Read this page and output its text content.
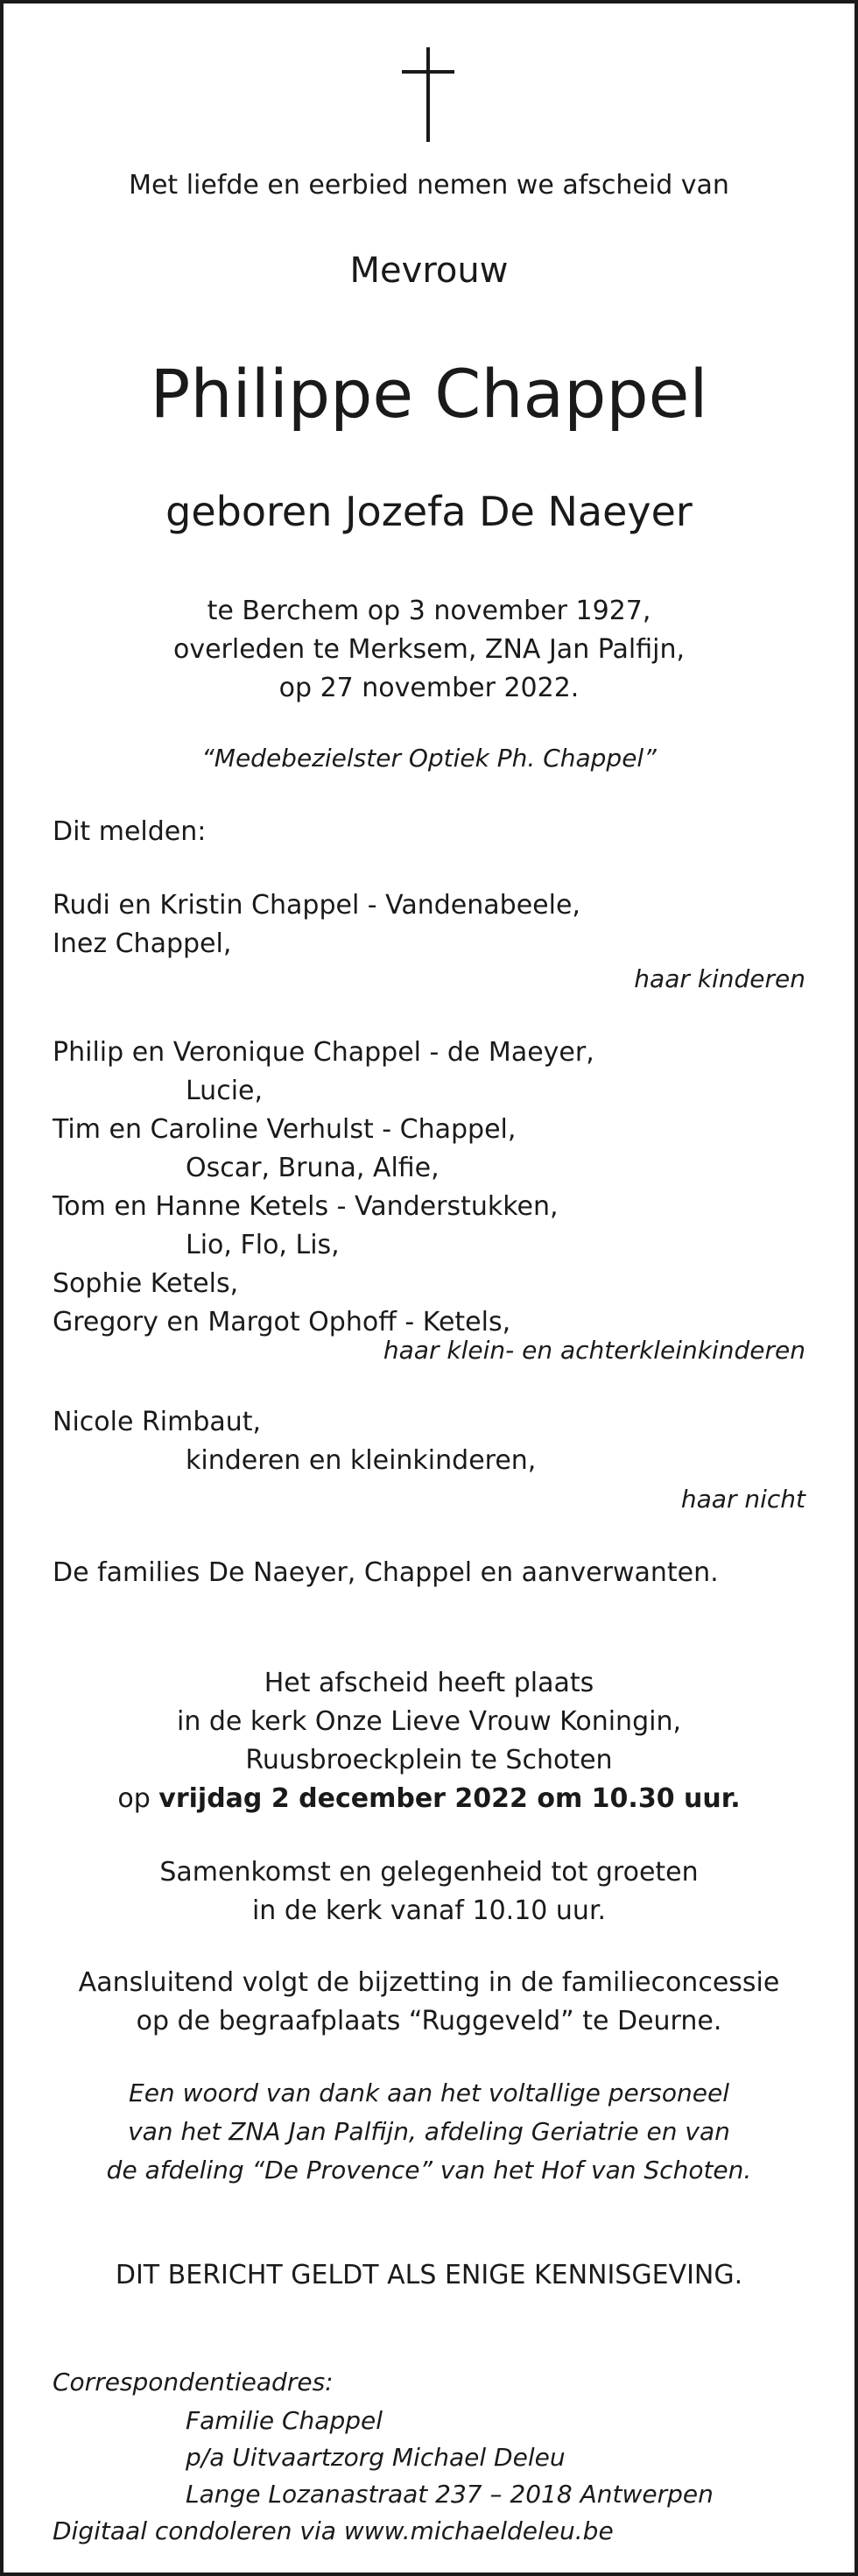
Met liefde en eerbied nemen we afscheid van
Mevrouw
Philippe Chappel
geboren Jozefa De Naeyer
te Berchem op 3 november 1927,
overleden te Merksem, ZNA Jan Palfijn,
op 27 november 2022.
“Medebezielster Optiek Ph. Chappel”
Dit melden:
Rudi en Kristin Chappel - Vandenabeele,
Inez Chappel,
haar kinderen
Philip en Veronique Chappel - de Maeyer,
Lucie,
Tim en Caroline Verhulst - Chappel,
Oscar, Bruna, Alfie,
Tom en Hanne Ketels - Vanderstukken,
Lio, Flo, Lis,
Sophie Ketels,
Gregory en Margot Ophoff - Ketels,
haar klein- en achterkleinkinderen
Nicole Rimbaut,
kinderen en kleinkinderen,
haar nicht
De families De Naeyer, Chappel en aanverwanten.
Het afscheid heeft plaats
in de kerk Onze Lieve Vrouw Koningin,
Ruusbroeckplein te Schoten
op vrijdag 2 december 2022 om 10.30 uur.
Samenkomst en gelegenheid tot groeten
in de kerk vanaf 10.10 uur.
Aansluitend volgt de bijzetting in de familieconcessie
op de begraafplaats “Ruggeveld” te Deurne.
Een woord van dank aan het voltallige personeel
van het ZNA Jan Palfijn, afdeling Geriatrie en van
de afdeling “De Provence” van het Hof van Schoten.
DIT BERICHT GELDT ALS ENIGE KENNISGEVING.
Correspondentieadres:
Familie Chappel
p/a Uitvaartzorg Michael Deleu
Lange Lozanastraat 237 – 2018 Antwerpen
Digitaal condoleren via www.michaeldeleu.be
